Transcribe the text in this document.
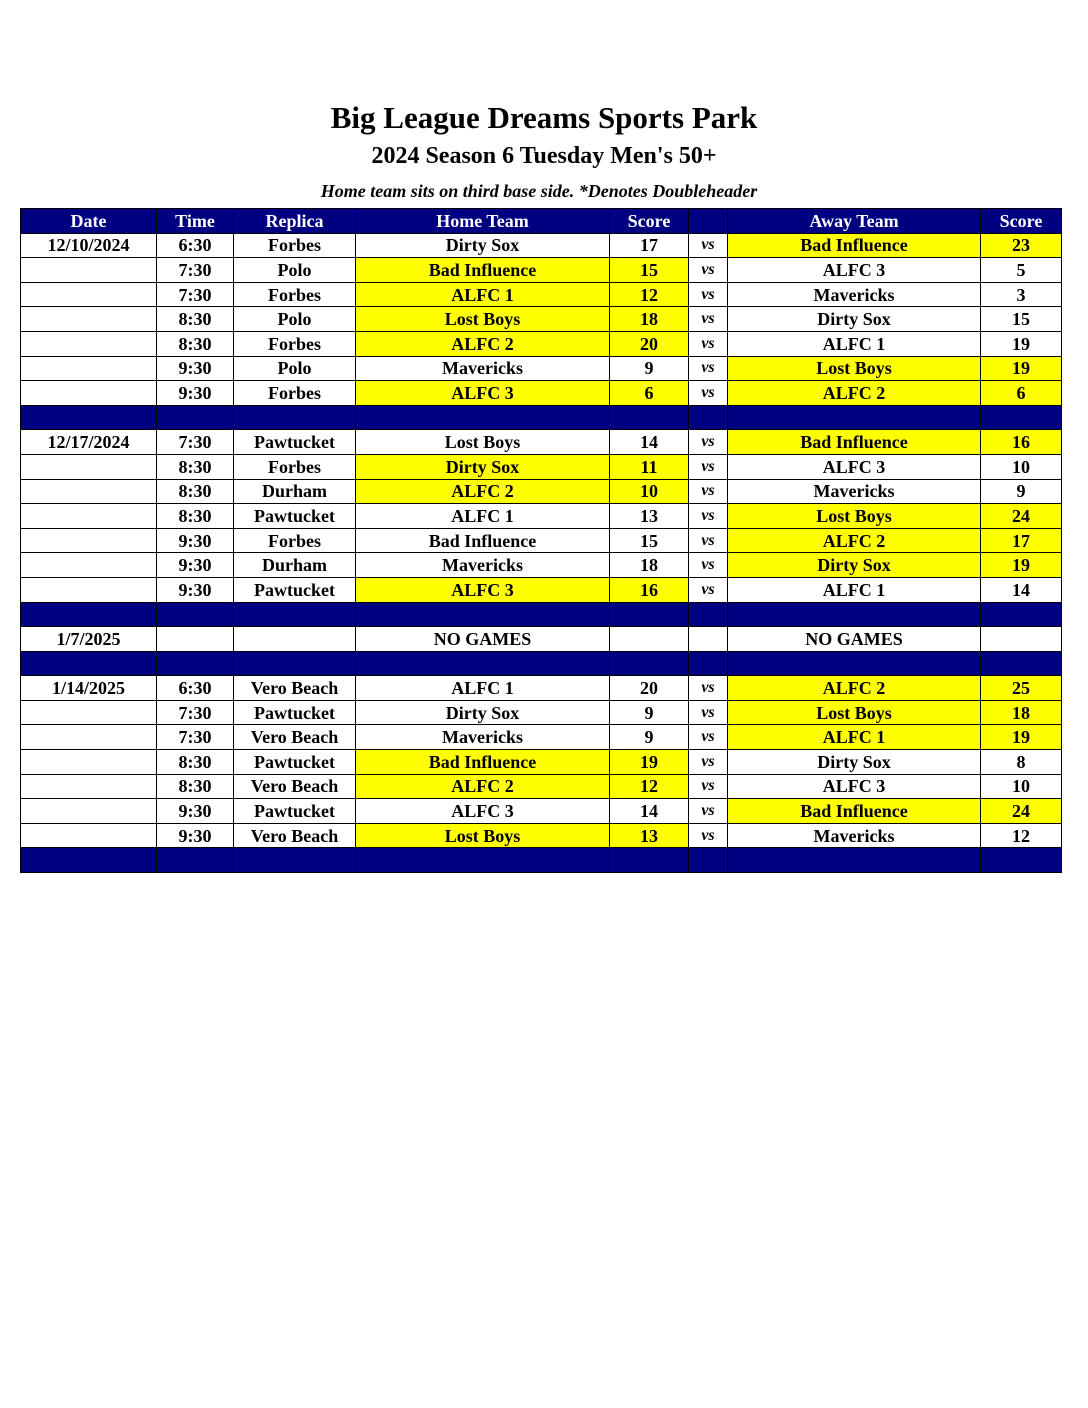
Big League Dreams Sports Park
2024 Season 6 Tuesday Men's 50+
Home team sits on third base side. *Denotes Doubleheader
Date	Time	Replica	Home Team	Score		Away Team	Score
12/10/2024	6:30	Forbes	Dirty Sox	17	vs	Bad Influence	23
	7:30	Polo	Bad Influence	15	vs	ALFC 3	5
	7:30	Forbes	ALFC 1	12	vs	Mavericks	3
	8:30	Polo	Lost Boys	18	vs	Dirty Sox	15
	8:30	Forbes	ALFC 2	20	vs	ALFC 1	19
	9:30	Polo	Mavericks	9	vs	Lost Boys	19
	9:30	Forbes	ALFC 3	6	vs	ALFC 2	6

12/17/2024	7:30	Pawtucket	Lost Boys	14	vs	Bad Influence	16
	8:30	Forbes	Dirty Sox	11	vs	ALFC 3	10
	8:30	Durham	ALFC 2	10	vs	Mavericks	9
	8:30	Pawtucket	ALFC 1	13	vs	Lost Boys	24
	9:30	Forbes	Bad Influence	15	vs	ALFC 2	17
	9:30	Durham	Mavericks	18	vs	Dirty Sox	19
	9:30	Pawtucket	ALFC 3	16	vs	ALFC 1	14

1/7/2025			NO GAMES			NO GAMES	

1/14/2025	6:30	Vero Beach	ALFC 1	20	vs	ALFC 2	25
	7:30	Pawtucket	Dirty Sox	9	vs	Lost Boys	18
	7:30	Vero Beach	Mavericks	9	vs	ALFC 1	19
	8:30	Pawtucket	Bad Influence	19	vs	Dirty Sox	8
	8:30	Vero Beach	ALFC 2	12	vs	ALFC 3	10
	9:30	Pawtucket	ALFC 3	14	vs	Bad Influence	24
	9:30	Vero Beach	Lost Boys	13	vs	Mavericks	12
